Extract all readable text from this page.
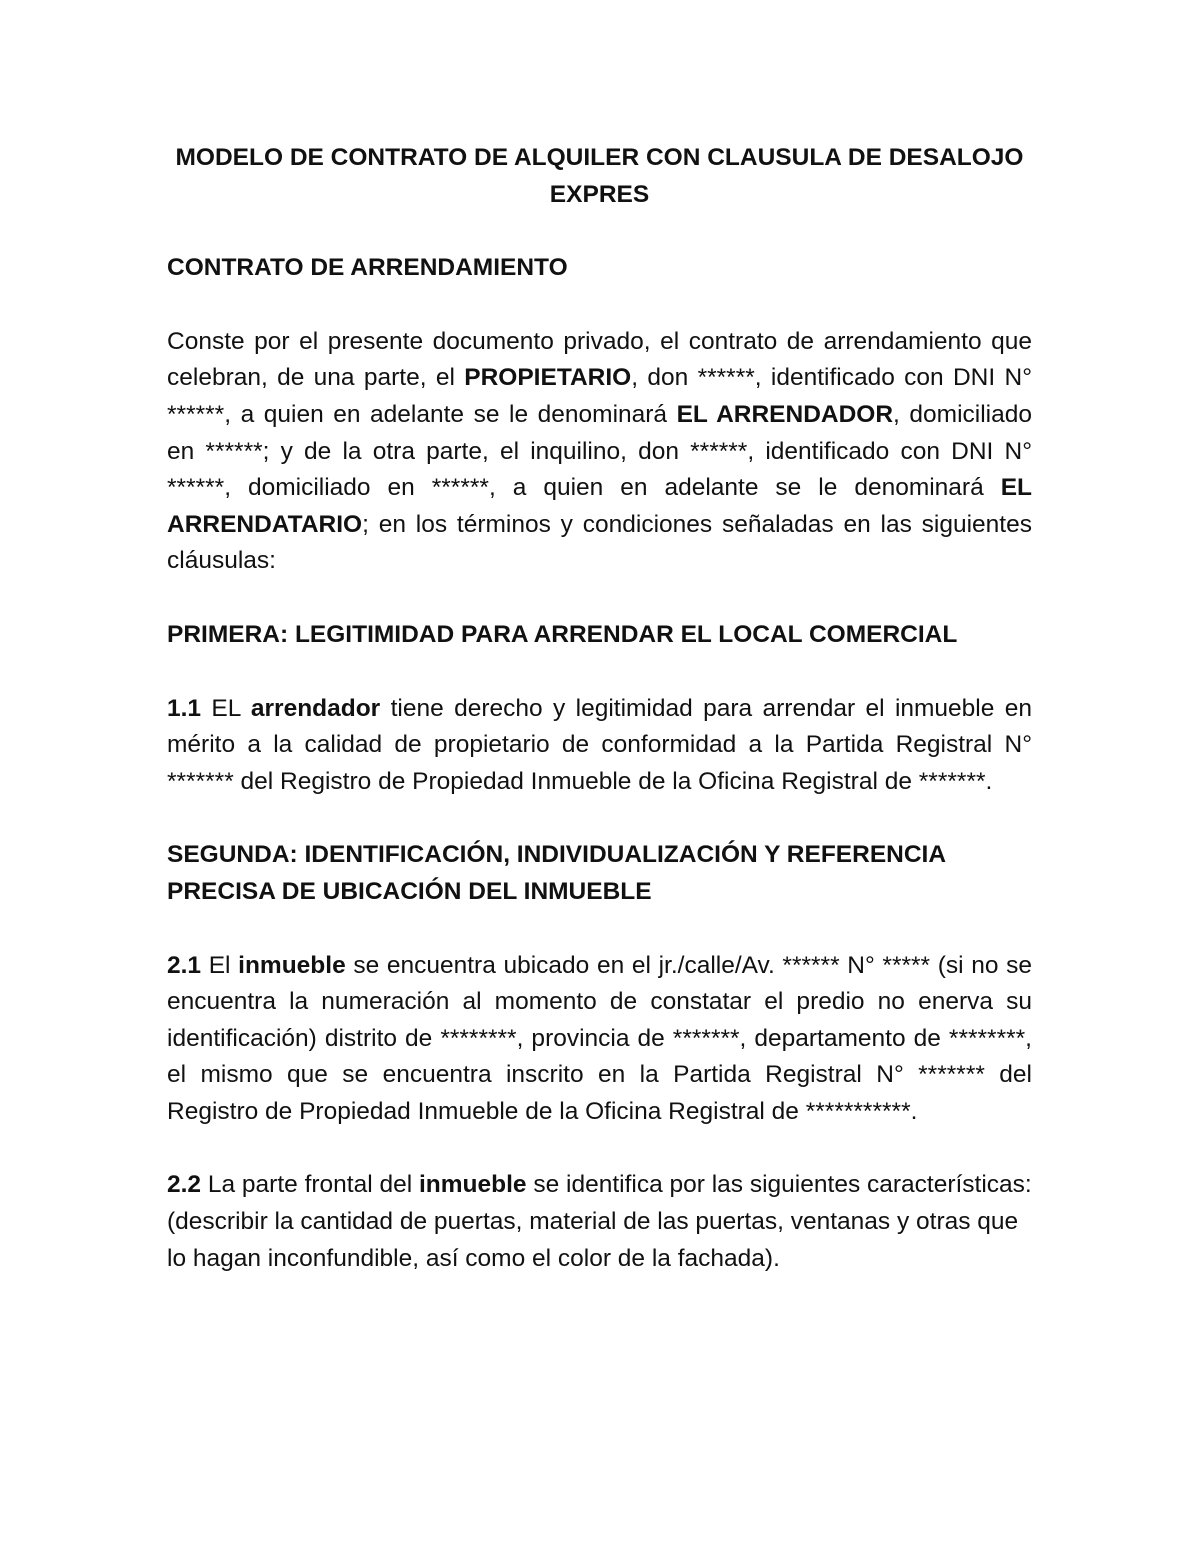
MODELO DE CONTRATO DE ALQUILER CON CLAUSULA DE DESALOJO EXPRES
CONTRATO DE ARRENDAMIENTO

Conste por el presente documento privado, el contrato de arrendamiento que celebran, de una parte, el PROPIETARIO, don ******, identificado con DNI N° ******, a quien en adelante se le denominará EL ARRENDADOR, domiciliado en ******; y de la otra parte, el inquilino, don ******, identificado con DNI N° ******, domiciliado en ******, a quien en adelante se le denominará EL ARRENDATARIO; en los términos y condiciones señaladas en las siguientes cláusulas:

PRIMERA: LEGITIMIDAD PARA ARRENDAR EL LOCAL COMERCIAL

1.1 EL arrendador tiene derecho y legitimidad para arrendar el inmueble en mérito a la calidad de propietario de conformidad a la Partida Registral N° ******* del Registro de Propiedad Inmueble de la Oficina Registral de *******.

SEGUNDA: IDENTIFICACIÓN, INDIVIDUALIZACIÓN Y REFERENCIA PRECISA DE UBICACIÓN DEL INMUEBLE

2.1 El inmueble se encuentra ubicado en el jr./calle/Av. ****** N° ***** (si no se encuentra la numeración al momento de constatar el predio no enerva su identificación) distrito de ********, provincia de *******, departamento de ********, el mismo que se encuentra inscrito en la Partida Registral N° ******* del Registro de Propiedad Inmueble de la Oficina Registral de ***********.

2.2 La parte frontal del inmueble se identifica por las siguientes características: (describir la cantidad de puertas, material de las puertas, ventanas y otras que lo hagan inconfundible, así como el color de la fachada).
